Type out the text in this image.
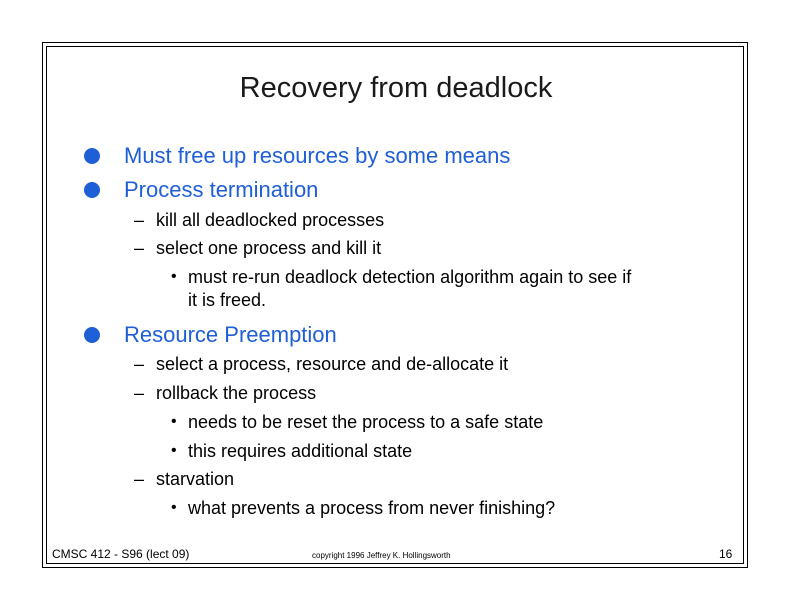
Recovery from deadlock
Must free up resources by some means
Process termination
– kill all deadlocked processes
– select one process and kill it
• must re-run deadlock detection algorithm again to see if
it is freed.
Resource Preemption
– select a process, resource and de-allocate it
– rollback the process
• needs to be reset the process to a safe state
• this requires additional state
– starvation
• what prevents a process from never finishing?
CMSC 412 - S96 (lect 09)	copyright 1996 Jeffrey K. Hollingsworth	16
